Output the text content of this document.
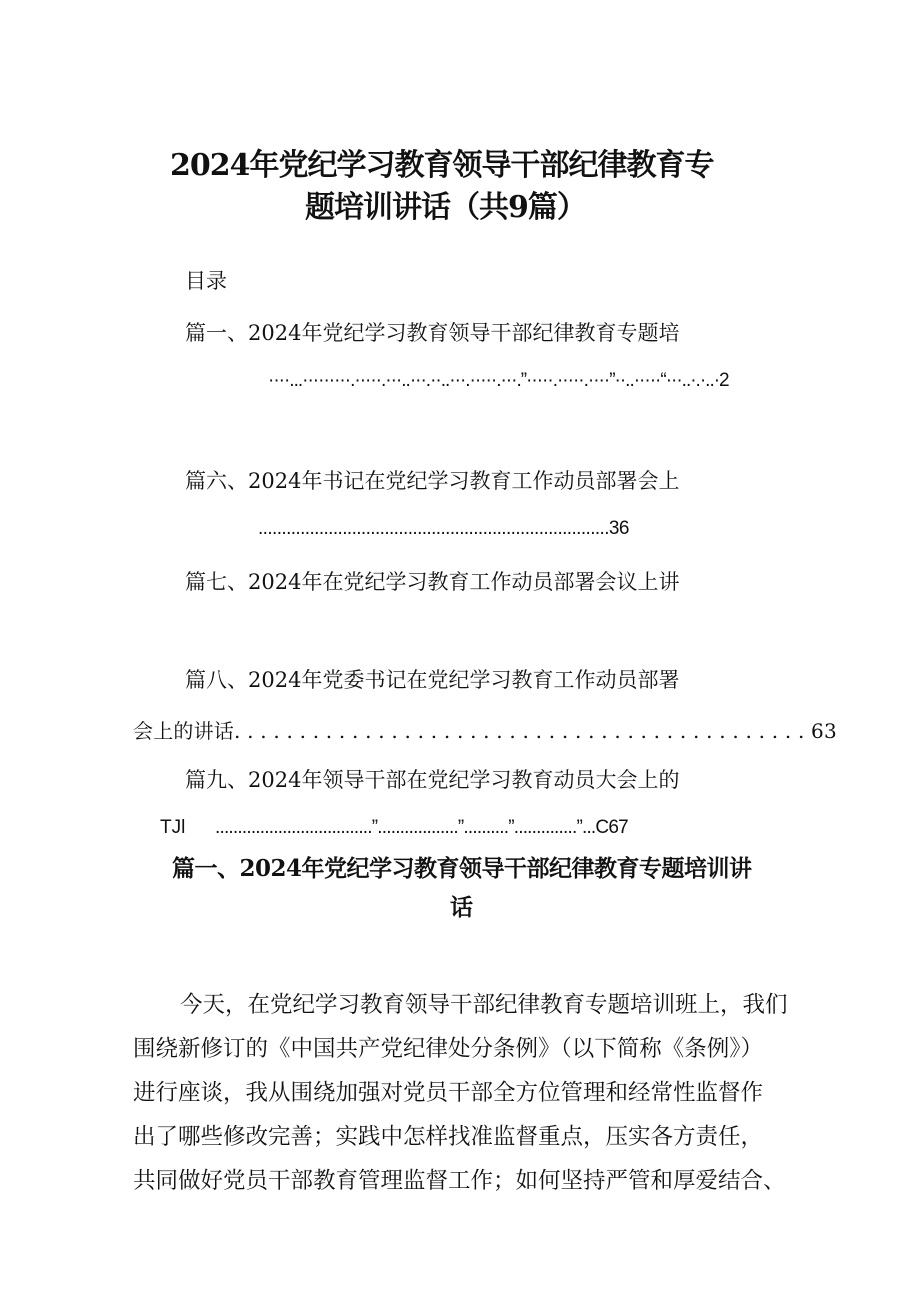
2024年党纪学习教育领导干部纪律教育专
题培训讲话（共9篇）
目录
篇一、2024年党纪学习教育领导干部纪律教育专题培
····...·········.·····.···..···.··..···.·····.···.”·····.·····.····”··..·····“···..·.·..·2
篇六、2024年书记在党纪学习教育工作动员部署会上
...........................................................................36
篇七、2024年在党纪学习教育工作动员部署会议上讲
篇八、2024年党委书记在党纪学习教育工作动员部署
会上的讲话. . . . . . . . . . . . . . . . . . . . . . . . . . . . . . . . . . . . . . . . . . . . 63
篇九、2024年领导干部在党纪学习教育动员大会上的
TJl ...................................”..................”..........”..............”...C67
篇一、2024年党纪学习教育领导干部纪律教育专题培训讲
话
今天，在党纪学习教育领导干部纪律教育专题培训班上，我们
围绕新修订的《中国共产党纪律处分条例》（以下简称《条例》）
进行座谈，我从围绕加强对党员干部全方位管理和经常性监督作
出了哪些修改完善；实践中怎样找准监督重点，压实各方责任，
共同做好党员干部教育管理监督工作；如何坚持严管和厚爱结合、
